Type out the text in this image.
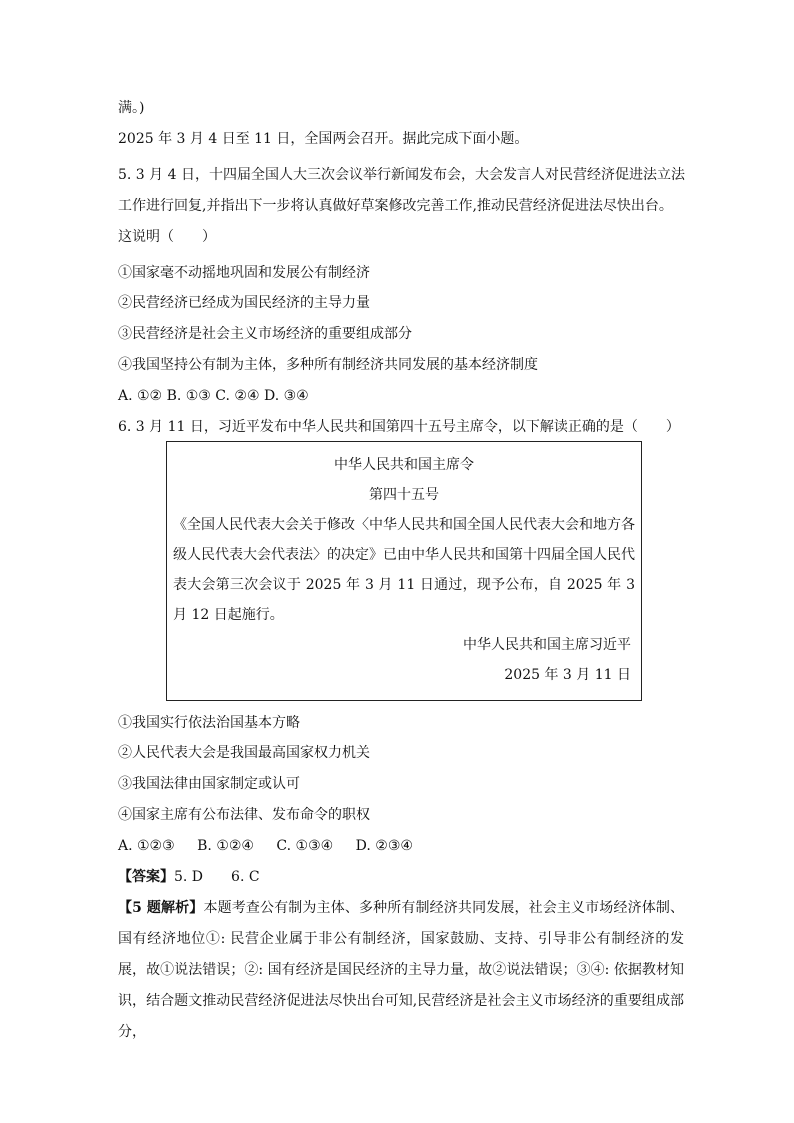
满。)
2025 年 3 月 4 日至 11 日，全国两会召开。据此完成下面小题。
5. 3 月 4 日，十四届全国人大三次会议举行新闻发布会，大会发言人对民营经济促进法立法
工作进行回复,并指出下一步将认真做好草案修改完善工作,推动民营经济促进法尽快出台。
这说明（　　）
①国家毫不动摇地巩固和发展公有制经济
②民营经济已经成为国民经济的主导力量
③民营经济是社会主义市场经济的重要组成部分
④我国坚持公有制为主体，多种所有制经济共同发展的基本经济制度
A. ①② B. ①③ C. ②④ D. ③④
6. 3 月 11 日，习近平发布中华人民共和国第四十五号主席令，以下解读正确的是（　　）
中华人民共和国主席令
第四十五号
《全国人民代表大会关于修改〈中华人民共和国全国人民代表大会和地方各级人民代表大会代表法〉的决定》已由中华人民共和国第十四届全国人民代表大会第三次会议于 2025 年 3 月 11 日通过，现予公布，自 2025 年 3 月 12 日起施行。
中华人民共和国主席习近平
2025 年 3 月 11 日
①我国实行依法治国基本方略
②人民代表大会是我国最高国家权力机关
③我国法律由国家制定或认可
④国家主席有公布法律、发布命令的职权
A. ①②③ B. ①②④ C. ①③④ D. ②③④
【答案】5. D　　6. C
【5 题解析】本题考查公有制为主体、多种所有制经济共同发展，社会主义市场经济体制、国有经济地位①: 民营企业属于非公有制经济，国家鼓励、支持、引导非公有制经济的发展，故①说法错误；②: 国有经济是国民经济的主导力量，故②说法错误；③④: 依据教材知识，结合题文推动民营经济促进法尽快出台可知,民营经济是社会主义市场经济的重要组成部分，
